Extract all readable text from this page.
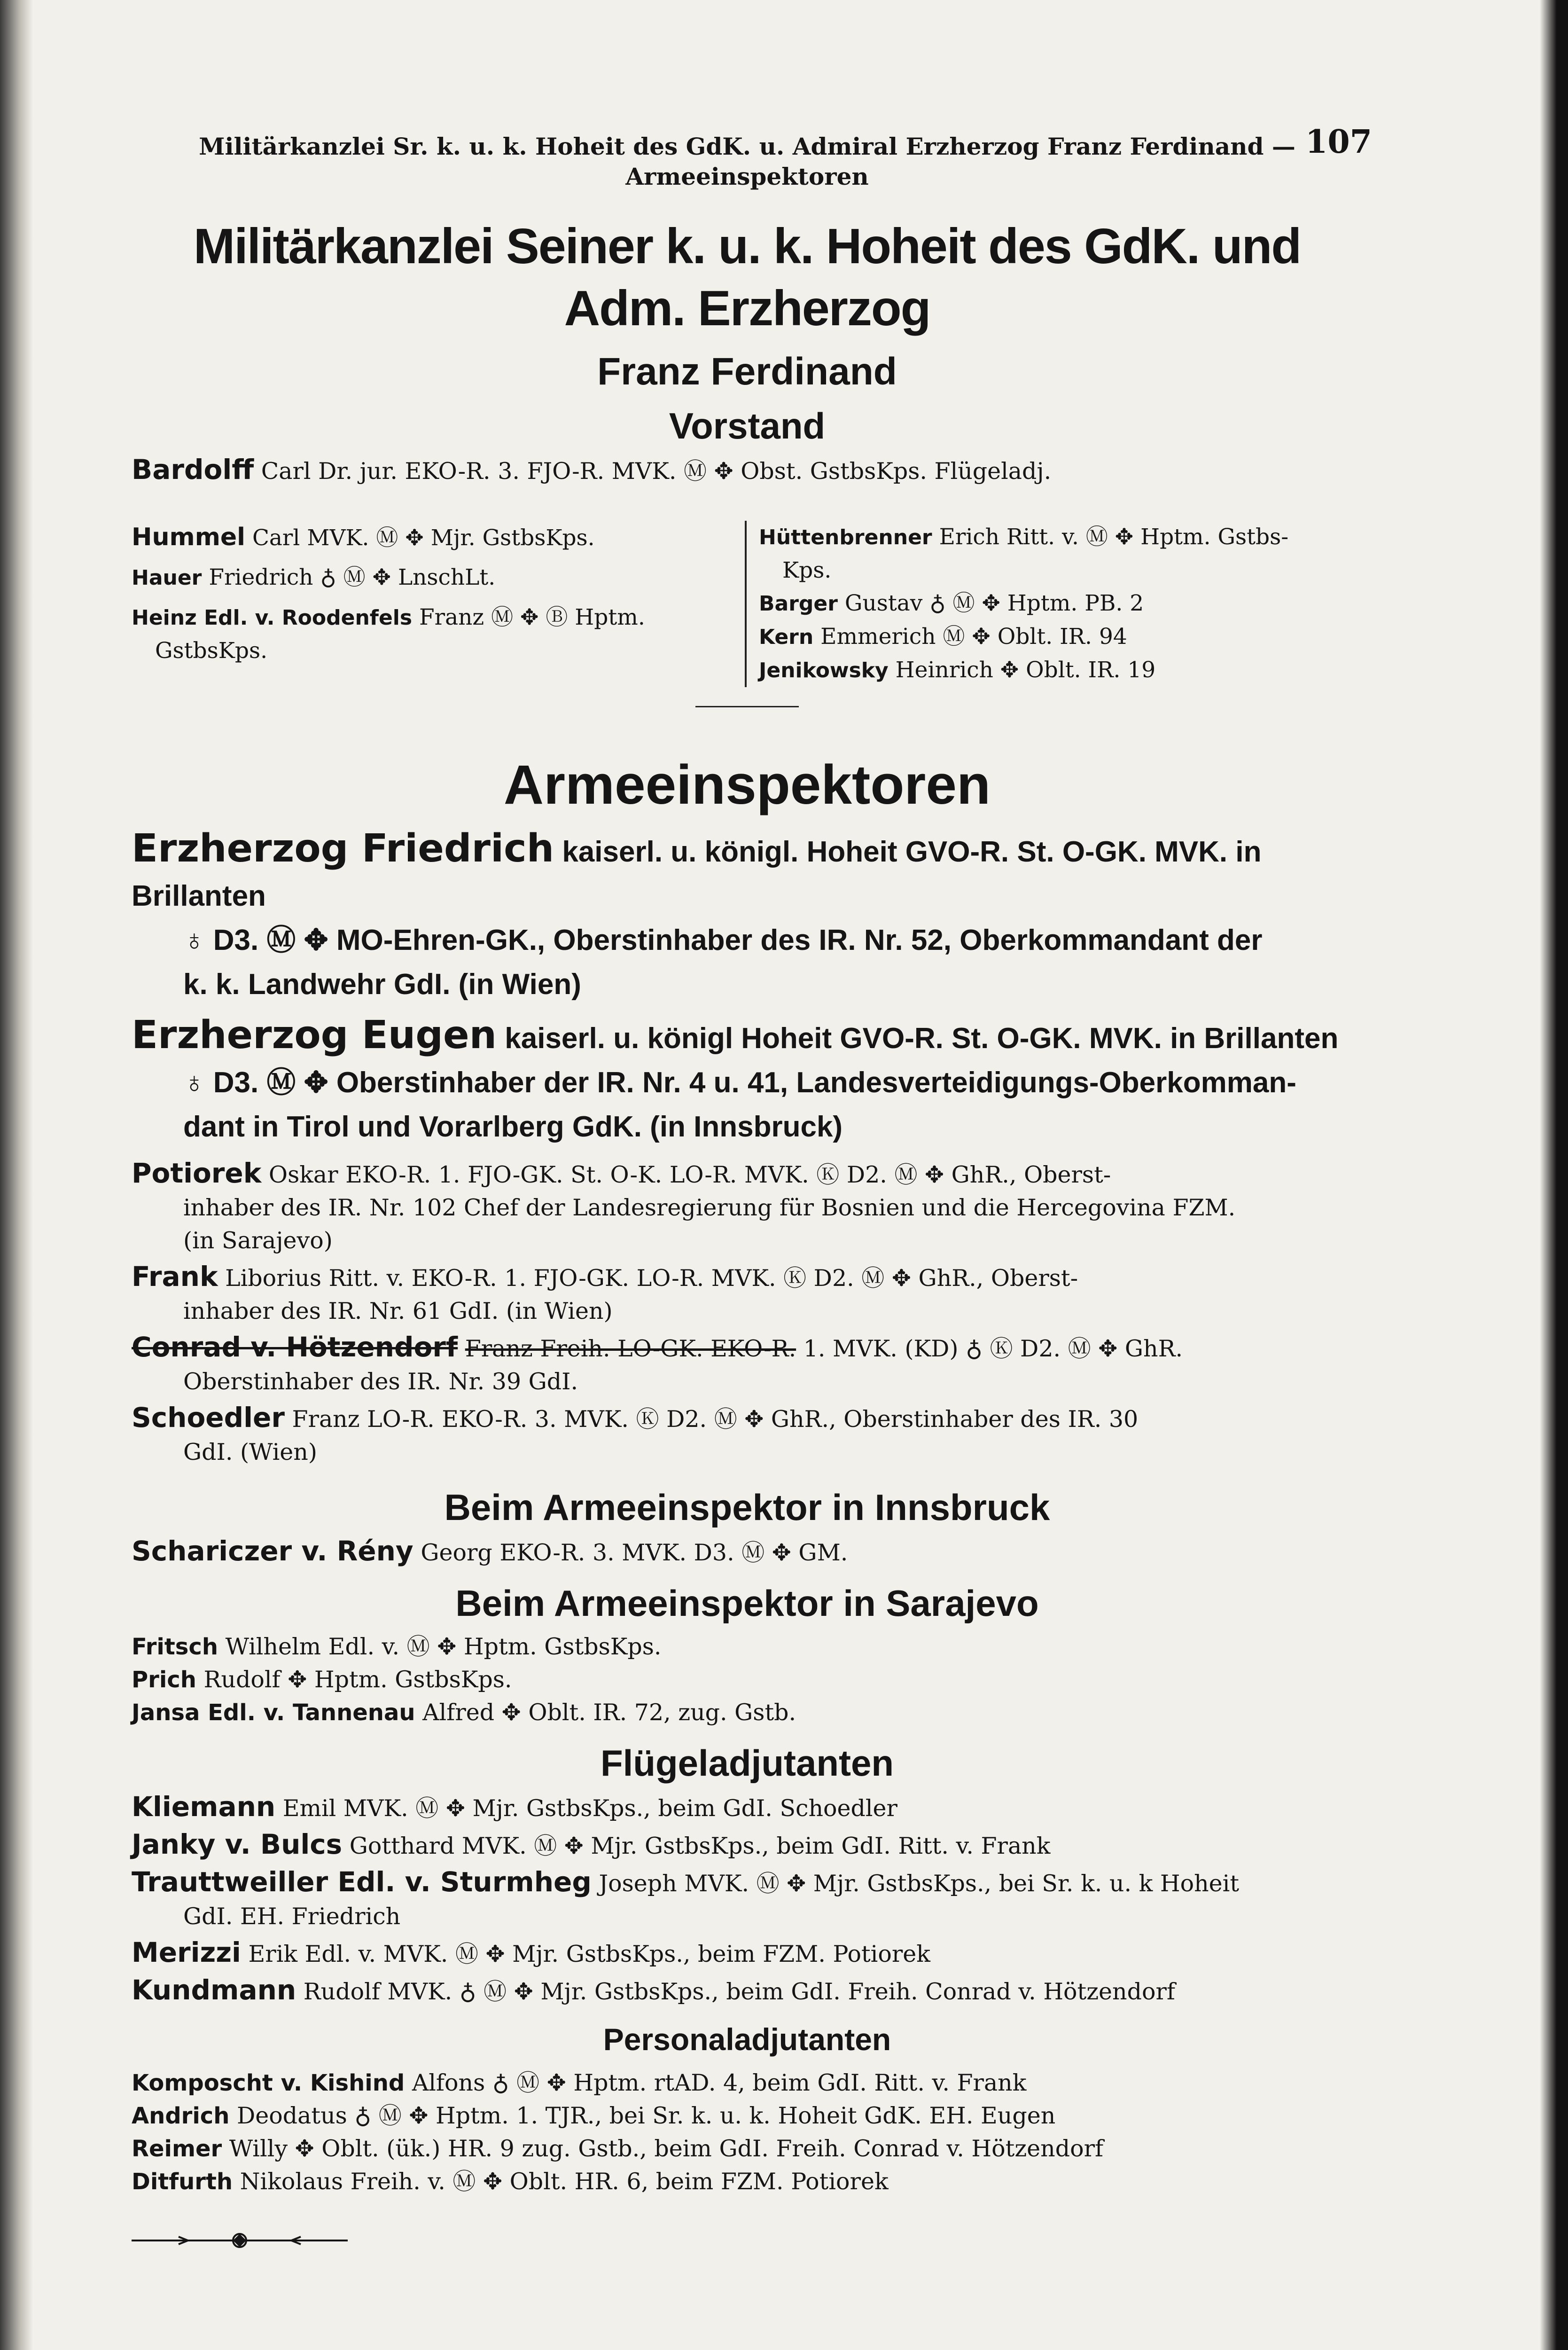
Militärkanzlei Sr. k. u. k. Hoheit des GdK. u. Admiral Erzherzog Franz Ferdinand —
Armeeinspektoren
107
Militärkanzlei Seiner k. u. k. Hoheit des GdK. und Adm. Erzherzog
Franz Ferdinand
Vorstand
Bardolff Carl Dr. jur. EKO-R. 3. FJO-R. MVK. Ⓜ ✥ Obst. GstbsKps. Flügeladj.
Hummel Carl MVK. Ⓜ ✥ Mjr. GstbsKps.
Hauer Friedrich ♁ Ⓜ ✥ LnschLt.
Heinz Edl. v. Roodenfels Franz Ⓜ ✥ Ⓑ Hptm.
GstbsKps.
Hüttenbrenner Erich Ritt. v. Ⓜ ✥ Hptm. Gstbs-
Kps.
Barger Gustav ♁ Ⓜ ✥ Hptm. PB. 2
Kern Emmerich Ⓜ ✥ Oblt. IR. 94
Jenikowsky Heinrich ✥ Oblt. IR. 19
Armeeinspektoren
Erzherzog Friedrich kaiserl. u. königl. Hoheit GVO-R. St. O-GK. MVK. in Brillanten
♁ D3. Ⓜ ✥ MO-Ehren-GK., Oberstinhaber des IR. Nr. 52, Oberkommandant der
k. k. Landwehr GdI. (in Wien)
Erzherzog Eugen kaiserl. u. königl Hoheit GVO-R. St. O-GK. MVK. in Brillanten
♁ D3. Ⓜ ✥ Oberstinhaber der IR. Nr. 4 u. 41, Landesverteidigungs-Oberkomman-
dant in Tirol und Vorarlberg GdK. (in Innsbruck)
Potiorek Oskar EKO-R. 1. FJO-GK. St. O-K. LO-R. MVK. Ⓚ D2. Ⓜ ✥ GhR., Oberst-
inhaber des IR. Nr. 102 Chef der Landesregierung für Bosnien und die Hercegovina FZM.
(in Sarajevo)
Frank Liborius Ritt. v. EKO-R. 1. FJO-GK. LO-R. MVK. Ⓚ D2. Ⓜ ✥ GhR., Oberst-
inhaber des IR. Nr. 61 GdI. (in Wien)
Conrad v. Hötzendorf Franz Freih. LO-GK. EKO-R. 1. MVK. (KD) ♁ Ⓚ D2. Ⓜ ✥ GhR.
Oberstinhaber des IR. Nr. 39 GdI.
Schoedler Franz LO-R. EKO-R. 3. MVK. Ⓚ D2. Ⓜ ✥ GhR., Oberstinhaber des IR. 30
GdI. (Wien)
Beim Armeeinspektor in Innsbruck
Schariczer v. Rény Georg EKO-R. 3. MVK. D3. Ⓜ ✥ GM.
Beim Armeeinspektor in Sarajevo
Fritsch Wilhelm Edl. v. Ⓜ ✥ Hptm. GstbsKps.
Prich Rudolf ✥ Hptm. GstbsKps.
Jansa Edl. v. Tannenau Alfred ✥ Oblt. IR. 72, zug. Gstb.
Flügeladjutanten
Kliemann Emil MVK. Ⓜ ✥ Mjr. GstbsKps., beim GdI. Schoedler
Janky v. Bulcs Gotthard MVK. Ⓜ ✥ Mjr. GstbsKps., beim GdI. Ritt. v. Frank
Trauttweiller Edl. v. Sturmheg Joseph MVK. Ⓜ ✥ Mjr. GstbsKps., bei Sr. k. u. k Hoheit
GdI. EH. Friedrich
Merizzi Erik Edl. v. MVK. Ⓜ ✥ Mjr. GstbsKps., beim FZM. Potiorek
Kundmann Rudolf MVK. ♁ Ⓜ ✥ Mjr. GstbsKps., beim GdI. Freih. Conrad v. Hötzendorf
Personaladjutanten
Komposcht v. Kishind Alfons ♁ Ⓜ ✥ Hptm. rtAD. 4, beim GdI. Ritt. v. Frank
Andrich Deodatus ♁ Ⓜ ✥ Hptm. 1. TJR., bei Sr. k. u. k. Hoheit GdK. EH. Eugen
Reimer Willy ✥ Oblt. (ük.) HR. 9 zug. Gstb., beim GdI. Freih. Conrad v. Hötzendorf
Ditfurth Nikolaus Freih. v. Ⓜ ✥ Oblt. HR. 6, beim FZM. Potiorek
